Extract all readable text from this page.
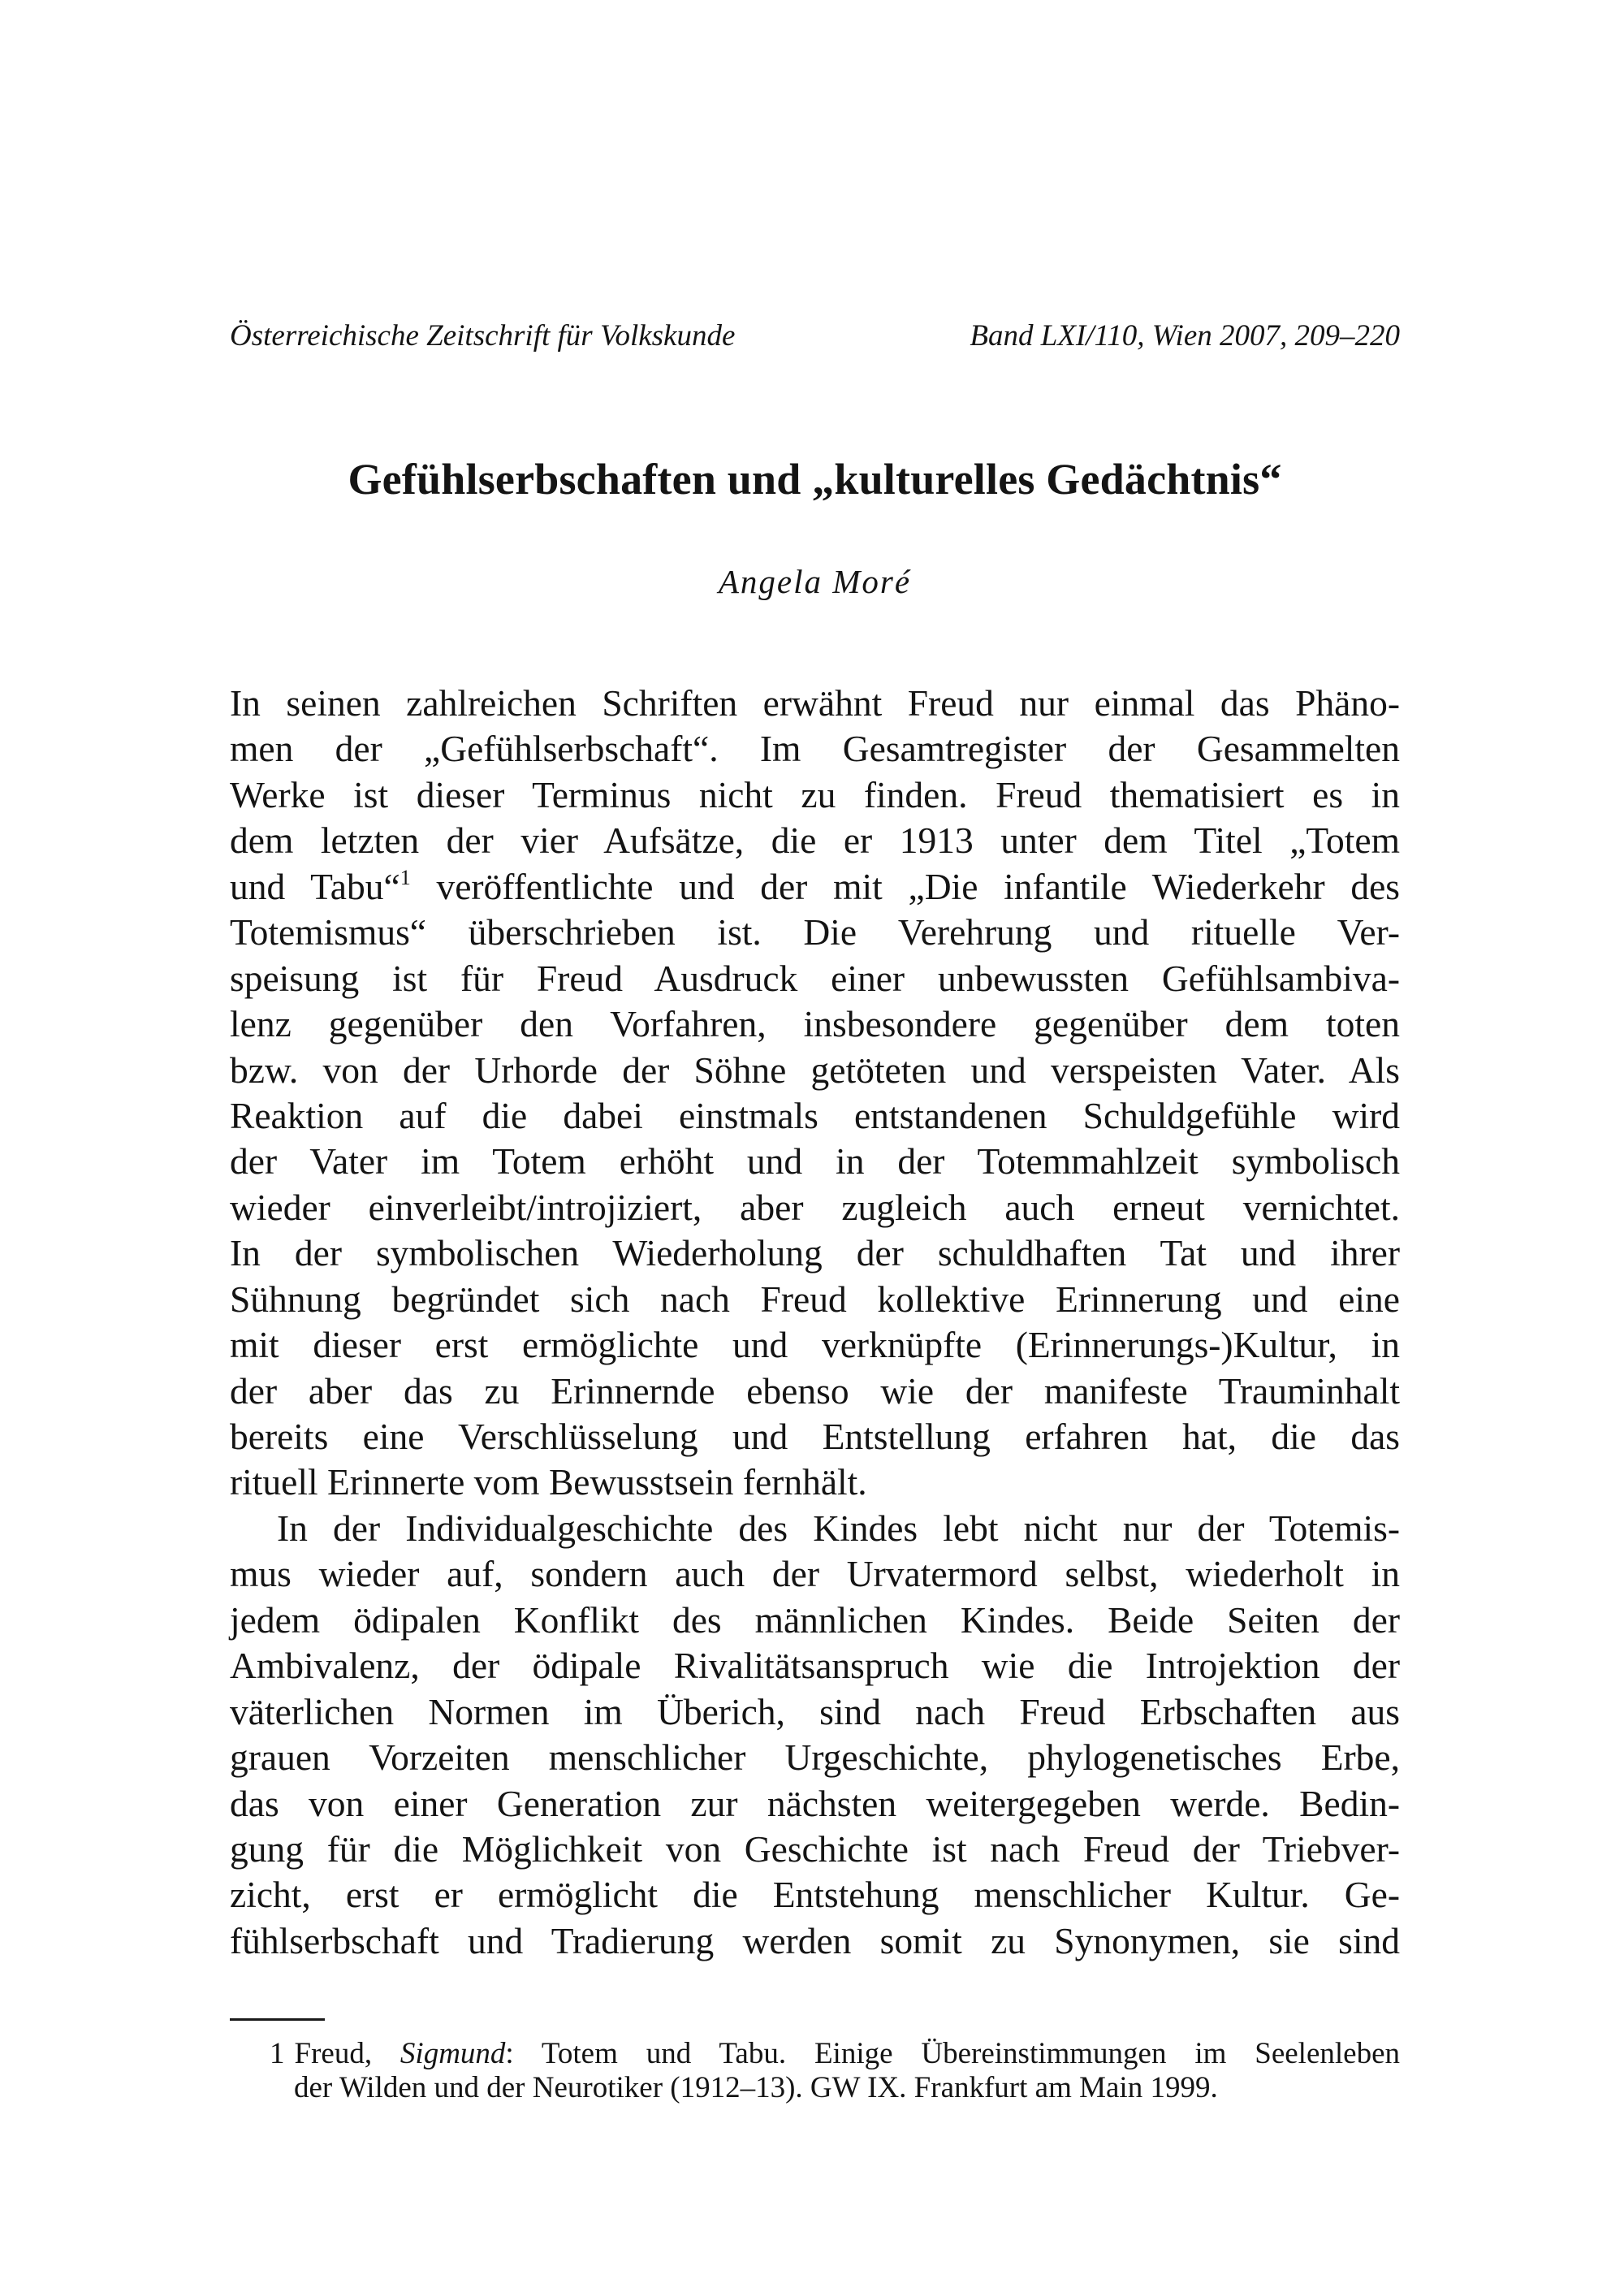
Österreichische Zeitschrift für Volkskunde	Band LXI/110, Wien 2007, 209–220
Gefühlserbschaften und „kulturelles Gedächtnis“
Angela Moré
In seinen zahlreichen Schriften erwähnt Freud nur einmal das Phäno-
men der „Gefühlserbschaft“. Im Gesamtregister der Gesammelten
Werke ist dieser Terminus nicht zu finden. Freud thematisiert es in
dem letzten der vier Aufsätze, die er 1913 unter dem Titel „Totem
und Tabu“$^1$ veröffentlichte und der mit „Die infantile Wiederkehr des
Totemismus“ überschrieben ist. Die Verehrung und rituelle Ver-
speisung ist für Freud Ausdruck einer unbewussten Gefühlsambiva-
lenz gegenüber den Vorfahren, insbesondere gegenüber dem toten
bzw. von der Urhorde der Söhne getöteten und verspeisten Vater. Als
Reaktion auf die dabei einstmals entstandenen Schuldgefühle wird
der Vater im Totem erhöht und in der Totemmahlzeit symbolisch
wieder einverleibt/introjiziert, aber zugleich auch erneut vernichtet.
In der symbolischen Wiederholung der schuldhaften Tat und ihrer
Sühnung begründet sich nach Freud kollektive Erinnerung und eine
mit dieser erst ermöglichte und verknüpfte (Erinnerungs-)Kultur, in
der aber das zu Erinnernde ebenso wie der manifeste Trauminhalt
bereits eine Verschlüsselung und Entstellung erfahren hat, die das
rituell Erinnerte vom Bewusstsein fernhält.
In der Individualgeschichte des Kindes lebt nicht nur der Totemis-
mus wieder auf, sondern auch der Urvatermord selbst, wiederholt in
jedem ödipalen Konflikt des männlichen Kindes. Beide Seiten der
Ambivalenz, der ödipale Rivalitätsanspruch wie die Introjektion der
väterlichen Normen im Überich, sind nach Freud Erbschaften aus
grauen Vorzeiten menschlicher Urgeschichte, phylogenetisches Erbe,
das von einer Generation zur nächsten weitergegeben werde. Bedin-
gung für die Möglichkeit von Geschichte ist nach Freud der Triebver-
zicht, erst er ermöglicht die Entstehung menschlicher Kultur. Ge-
fühlserbschaft und Tradierung werden somit zu Synonymen, sie sind
1 Freud, Sigmund: Totem und Tabu. Einige Übereinstimmungen im Seelenleben
der Wilden und der Neurotiker (1912–13). GW IX. Frankfurt am Main 1999.
